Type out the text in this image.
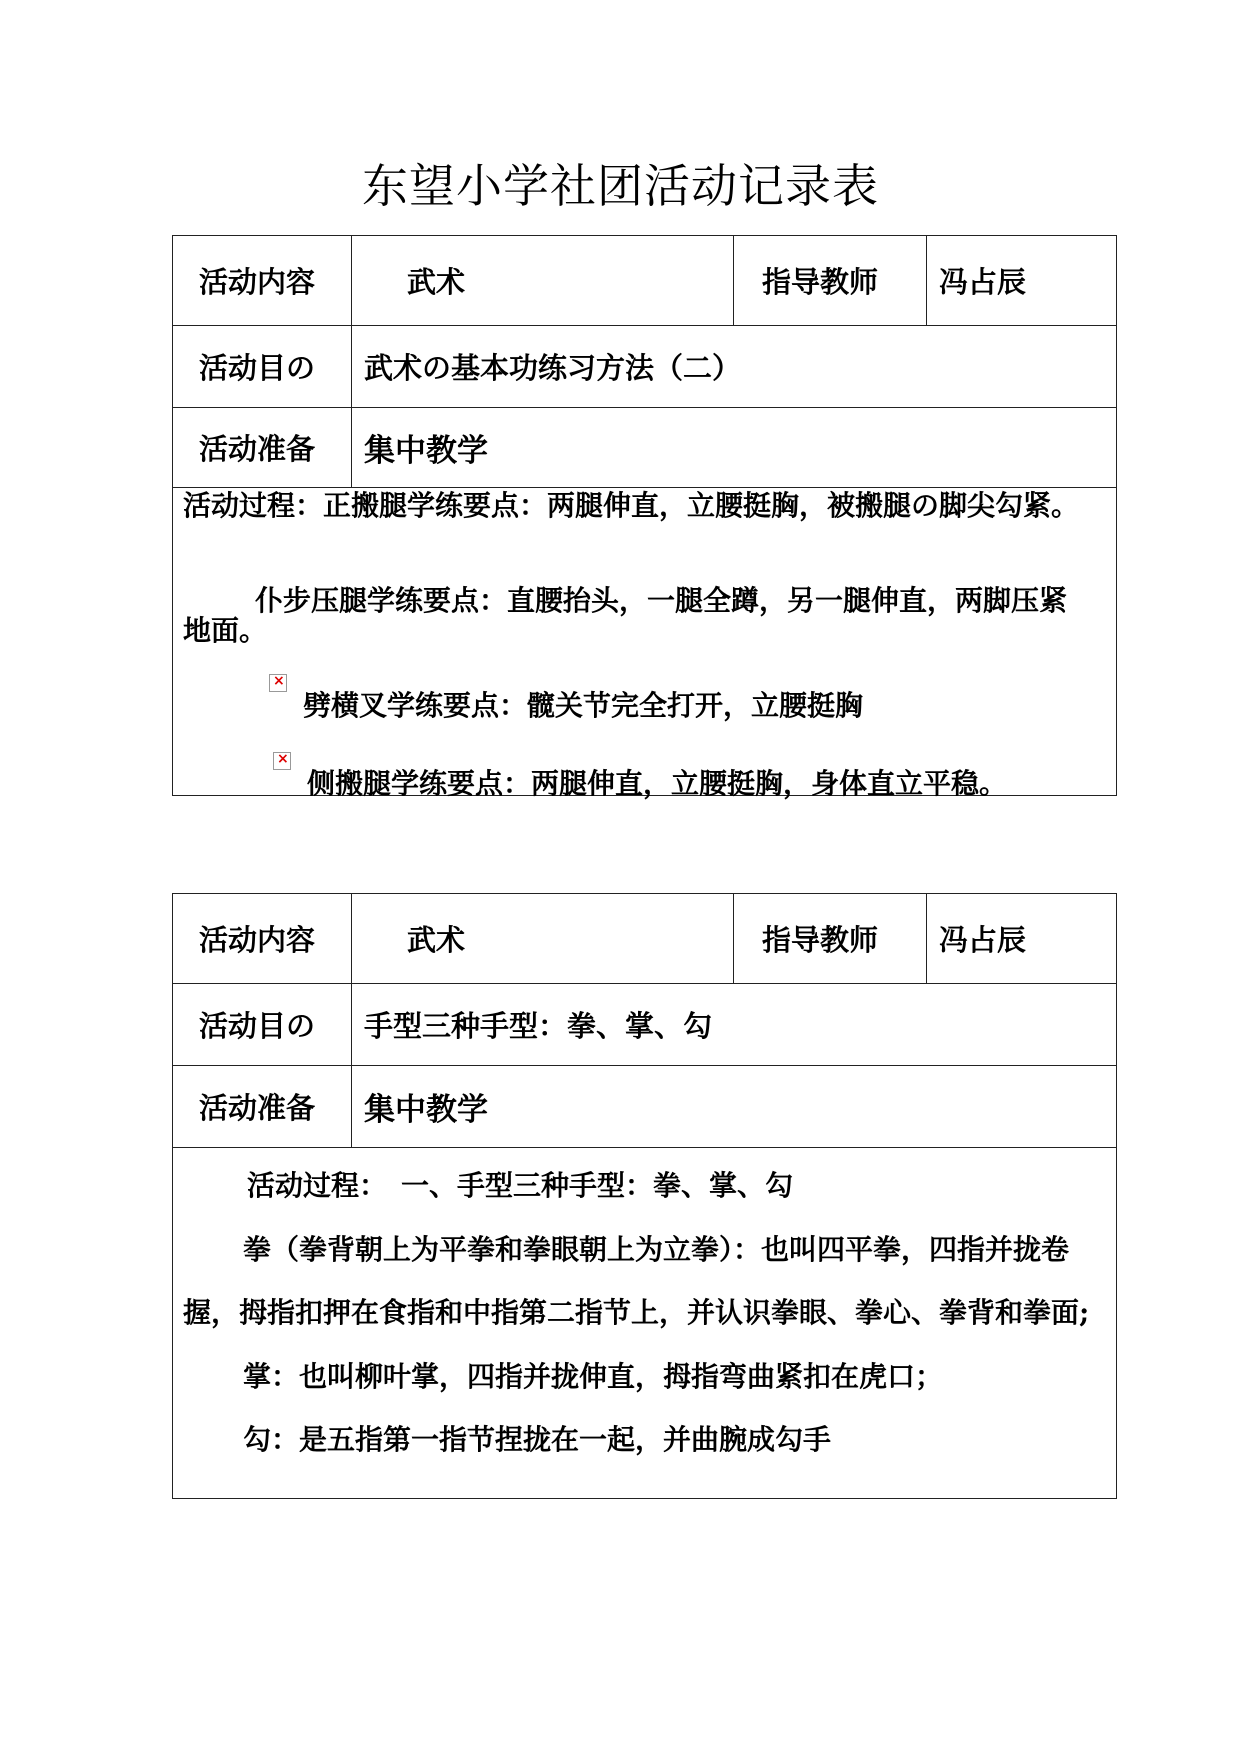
东望小学社团活动记录表
活动内容	武术	指导教师	冯占辰
活动目の	武术の基本功练习方法（二）
活动准备	集中教学

活动过程：正搬腿学练要点：两腿伸直，立腰挺胸，被搬腿の脚尖勾紧。

仆步压腿学练要点：直腰抬头，一腿全蹲，另一腿伸直，两脚压紧

地面。

×

劈横叉学练要点：髋关节完全打开，立腰挺胸

×

侧搬腿学练要点：两腿伸直，立腰挺胸，身体直立平稳。

活动内容	武术	指导教师	冯占辰
活动目の	手型三种手型：拳、掌、勾
活动准备	集中教学

活动过程：　一、手型三种手型：拳、掌、勾

拳（拳背朝上为平拳和拳眼朝上为立拳）：也叫四平拳，四指并拢卷

握，拇指扣押在食指和中指第二指节上，并认识拳眼、拳心、拳背和拳面;

掌：也叫柳叶掌，四指并拢伸直，拇指弯曲紧扣在虎口；

勾：是五指第一指节捏拢在一起，并曲腕成勾手
